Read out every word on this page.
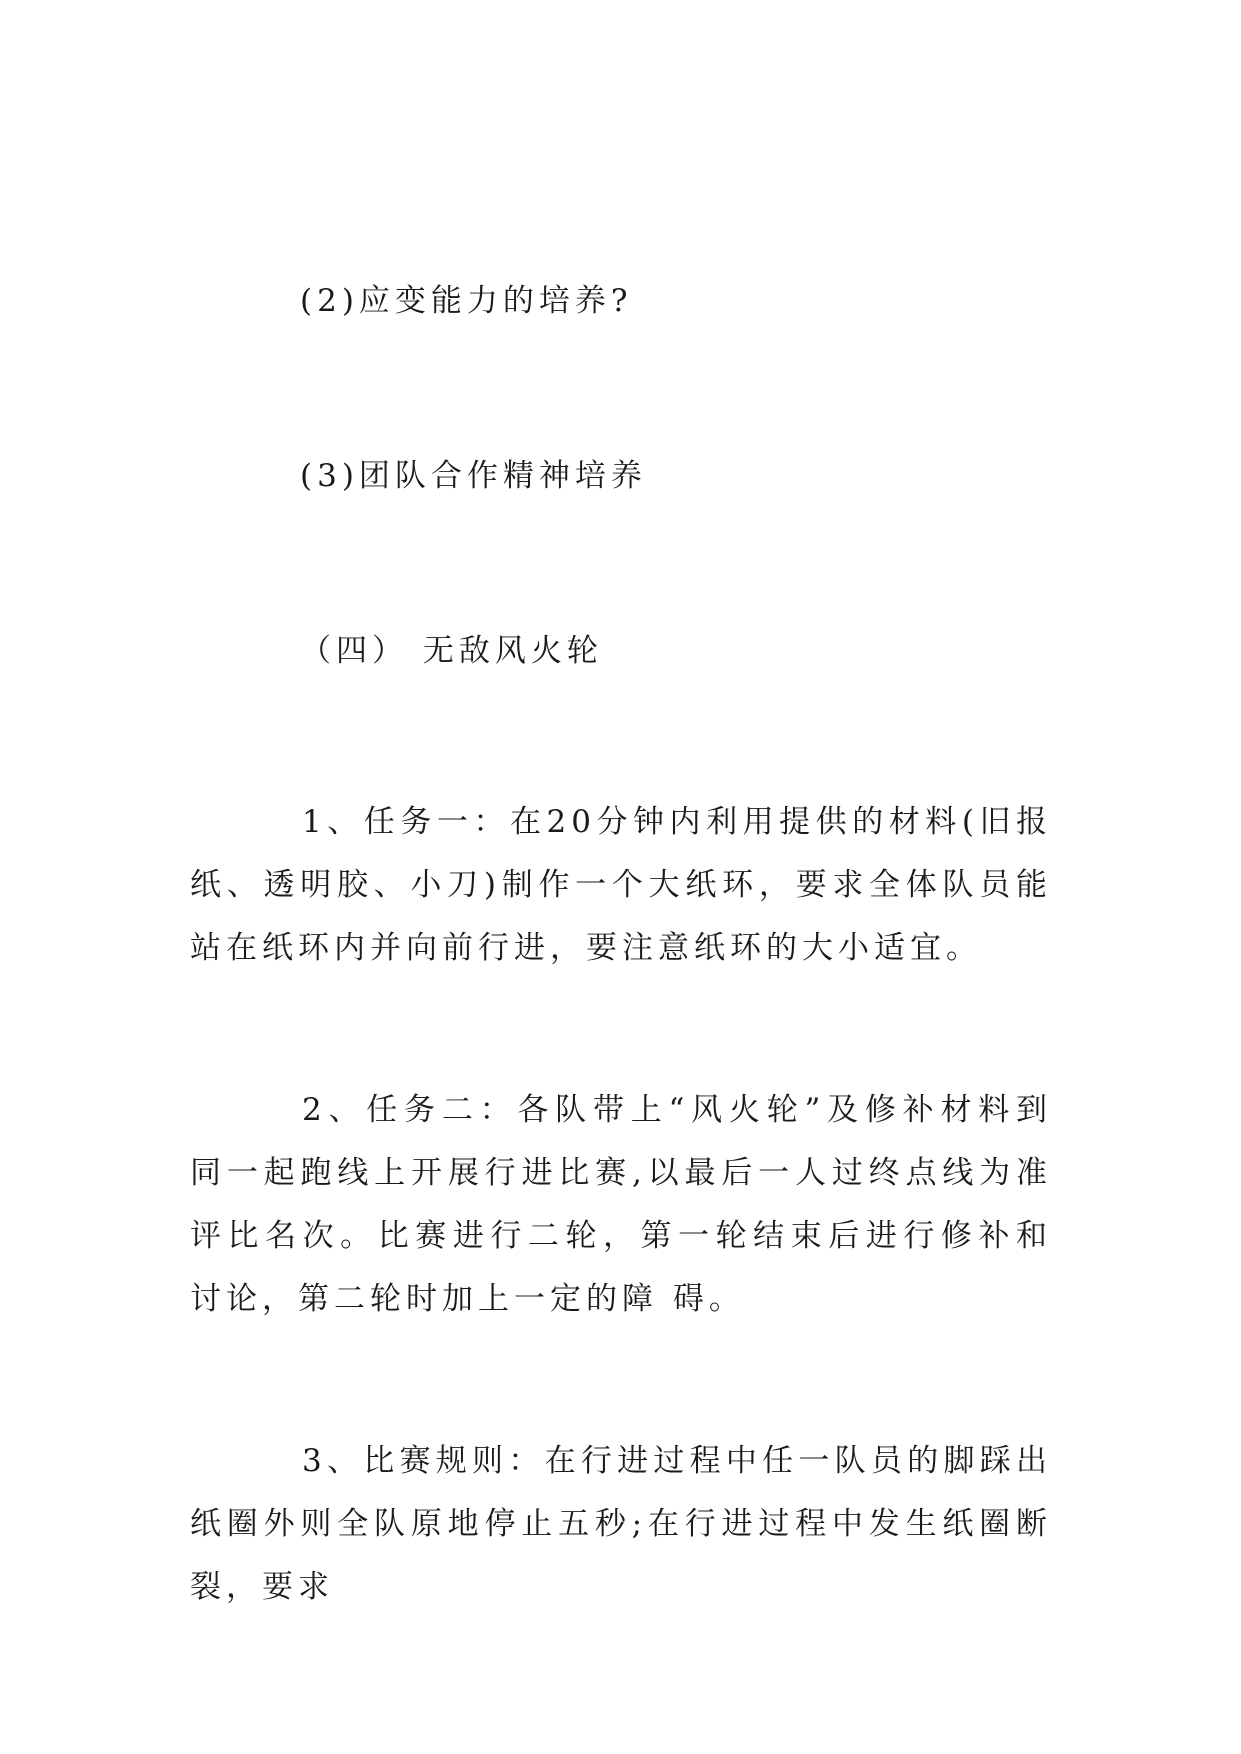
(2)应变能力的培养?
(3)团队合作精神培养
（四） 无敌风火轮
1、任务一：在20分钟内利用提供的材料(旧报纸、透明胶、小刀)制作一个大纸环，要求全体队员能站在纸环内并向前行进，要注意纸环的大小适宜。
2、任务二：各队带上“风火轮”及修补材料到同一起跑线上开展行进比赛,以最后一人过终点线为准评比名次。比赛进行二轮，第一轮结束后进行修补和讨论，第二轮时加上一定的障 碍。
3、比赛规则：在行进过程中任一队员的脚踩出纸圈外则全队原地停止五秒;在行进过程中发生纸圈断裂，要求
